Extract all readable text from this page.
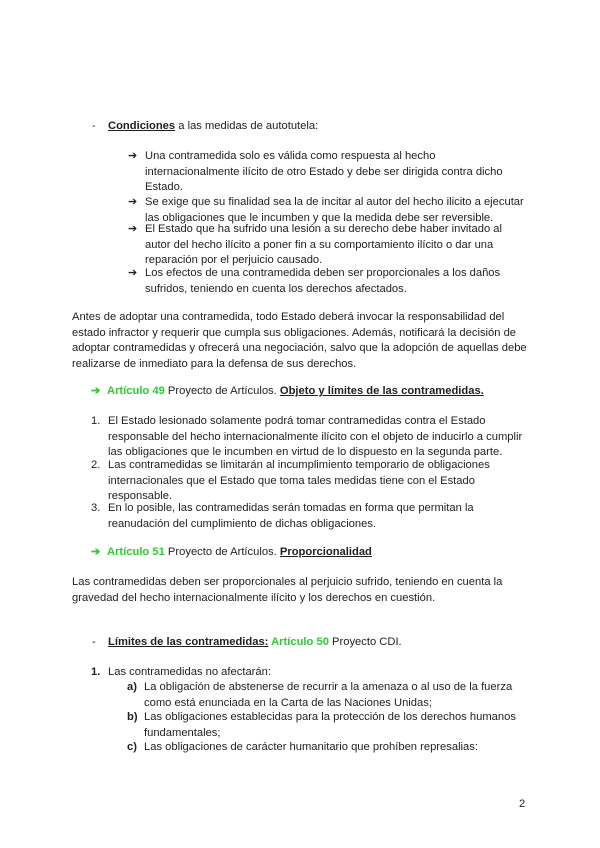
- Condiciones a las medidas de autotutela:
➔ Una contramedida solo es válida como respuesta al hecho internacionalmente ilícito de otro Estado y debe ser dirigida contra dicho Estado.
➔ Se exige que su finalidad sea la de incitar al autor del hecho ilicito a ejecutar las obligaciones que le incumben y que la medida debe ser reversible.
➔ El Estado que ha sufrido una lesión a su derecho debe haber invitado al autor del hecho ilícito a poner fin a su comportamiento ilícito o dar una reparación por el perjuicio causado.
➔ Los efectos de una contramedida deben ser proporcionales a los daños sufridos, teniendo en cuenta los derechos afectados.
Antes de adoptar una contramedida, todo Estado deberá invocar la responsabilidad del estado infractor y requerir que cumpla sus obligaciones. Además, notificará la decisión de adoptar contramedidas y ofrecerá una negociación, salvo que la adopción de aquellas debe realizarse de inmediato para la defensa de sus derechos.
➔ Artículo 49 Proyecto de Artículos. Objeto y límites de las contramedidas.
1. El Estado lesionado solamente podrá tomar contramedidas contra el Estado responsable del hecho internacionalmente ilícito con el objeto de inducirlo a cumplir las obligaciones que le incumben en virtud de lo dispuesto en la segunda parte.
2. Las contramedidas se limitarán al incumplimiento temporario de obligaciones internacionales que el Estado que toma tales medidas tiene con el Estado responsable.
3. En lo posible, las contramedidas serán tomadas en forma que permitan la reanudación del cumplimiento de dichas obligaciones.
➔ Artículo 51 Proyecto de Artículos. Proporcionalidad
Las contramedidas deben ser proporcionales al perjuicio sufrido, teniendo en cuenta la gravedad del hecho internacionalmente ilícito y los derechos en cuestión.
- Límites de las contramedidas: Artículo 50 Proyecto CDI.
1. Las contramedidas no afectarán:
a) La obligación de abstenerse de recurrir a la amenaza o al uso de la fuerza como está enunciada en la Carta de las Naciones Unidas;
b) Las obligaciones establecidas para la protección de los derechos humanos fundamentales;
c) Las obligaciones de carácter humanitario que prohíben represalias:
2
